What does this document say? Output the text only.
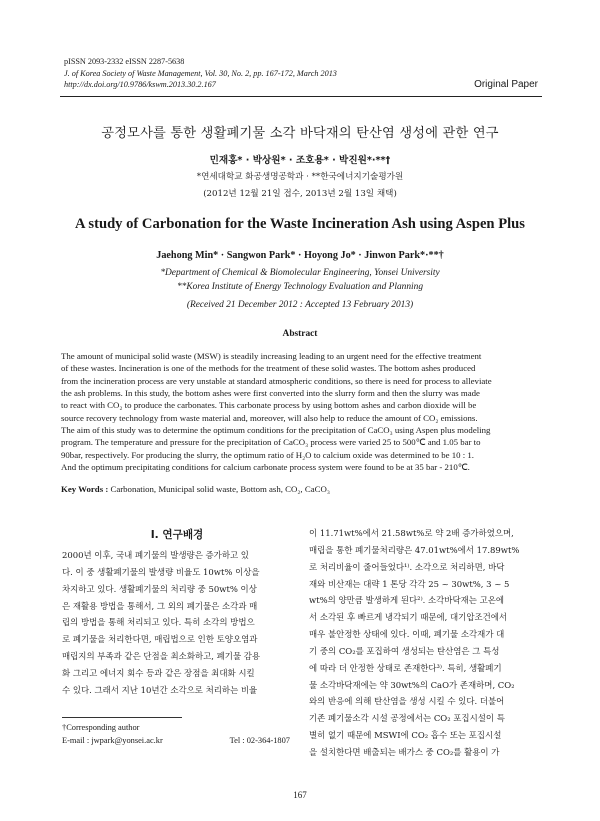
pISSN 2093-2332 eISSN 2287-5638
J. of Korea Society of Waste Management, Vol. 30, No. 2, pp. 167-172, March 2013
http://dx.doi.org/10.9786/kswm.2013.30.2.167	Original Paper
공정모사를 통한 생활폐기물 소각 바닥재의 탄산염 생성에 관한 연구
민재홍* · 박상원* · 조호용* · 박진원*·**†
*연세대학교 화공생명공학과 · **한국에너지기술평가원
(2012년 12월 21일 접수, 2013년 2월 13일 채택)
A study of Carbonation for the Waste Incineration Ash using Aspen Plus
Jaehong Min* · Sangwon Park* · Hoyong Jo* · Jinwon Park*·**†
*Department of Chemical & Biomolecular Engineering, Yonsei University
**Korea Institute of Energy Technology Evaluation and Planning
(Received 21 December 2012 : Accepted 13 February 2013)
Abstract
The amount of municipal solid waste (MSW) is steadily increasing leading to an urgent need for the effective treatment
of these wastes. Incineration is one of the methods for the treatment of these solid wastes. The bottom ashes produced
from the incineration process are very unstable at standard atmospheric conditions, so there is need for process to alleviate
the ash problems. In this study, the bottom ashes were first converted into the slurry form and then the slurry was made
to react with CO₂ to produce the carbonates. This carbonate process by using bottom ashes and carbon dioxide will be
source recovery technology from waste material and, moreover, will also help to reduce the amount of CO₂ emissions.
The aim of this study was to determine the optimum conditions for the precipitation of CaCO₃ using Aspen plus modeling
program. The temperature and pressure for the precipitation of CaCO₃ process were varied 25 to 500℃ and 1.05 bar to
90bar, respectively. For producing the slurry, the optimum ratio of H₂O to calcium oxide was determined to be 10 : 1.
And the optimum precipitating conditions for calcium carbonate process system were found to be at 35 bar - 210℃.
Key Words : Carbonation, Municipal solid waste, Bottom ash, CO₂, CaCO₃
I. 연구배경
2000년 이후, 국내 폐기물의 발생량은 증가하고 있
다. 이 중 생활폐기물의 발생량 비율도 10wt% 이상을
차지하고 있다. 생활폐기물의 처리량 중 50wt% 이상
은 재활용 방법을 통해서, 그 외의 폐기물은 소각과 매
립의 방법을 통해 처리되고 있다. 특히 소각의 방법으
로 폐기물을 처리한다면, 매립법으로 인한 토양오염과
매립지의 부족과 같은 단점을 최소화하고, 폐기물 감용
화 그리고 에너지 회수 등과 같은 장점을 최대화 시킬
수 있다. 그래서 지난 10년간 소각으로 처리하는 비율
이 11.71wt%에서 21.58wt%로 약 2배 증가하였으며,
매립을 통한 폐기물처리량은 47.01wt%에서 17.89wt%
로 처리비율이 줄어들었다¹⁾. 소각으로 처리하면, 바닥
재와 비산재는 대략 1 톤당 각각 25 ~ 30wt%, 3 ~ 5
wt%의 양만큼 발생하게 된다²⁾. 소각바닥재는 고온에
서 소각된 후 빠르게 냉각되기 때문에, 대기압조건에서
매우 불안정한 상태에 있다. 이때, 폐기물 소각재가 대
기 중의 CO₂를 포집하여 생성되는 탄산염은 그 특성
에 따라 더 안정한 상태로 존재한다³⁾. 특히, 생활폐기
물 소각바닥재에는 약 30wt%의 CaO가 존재하며, CO₂
와의 반응에 의해 탄산염을 생성 시킬 수 있다. 더불어
기존 폐기물소각 시설 공정에서는 CO₂ 포집시설이 특
별히 없기 때문에 MSWI에 CO₂ 흡수 또는 포집시설
을 설치한다면 배출되는 배가스 중 CO₂를 활용이 가
†Corresponding author
E-mail : jwpark@yonsei.ac.kr	Tel : 02-364-1807
167
